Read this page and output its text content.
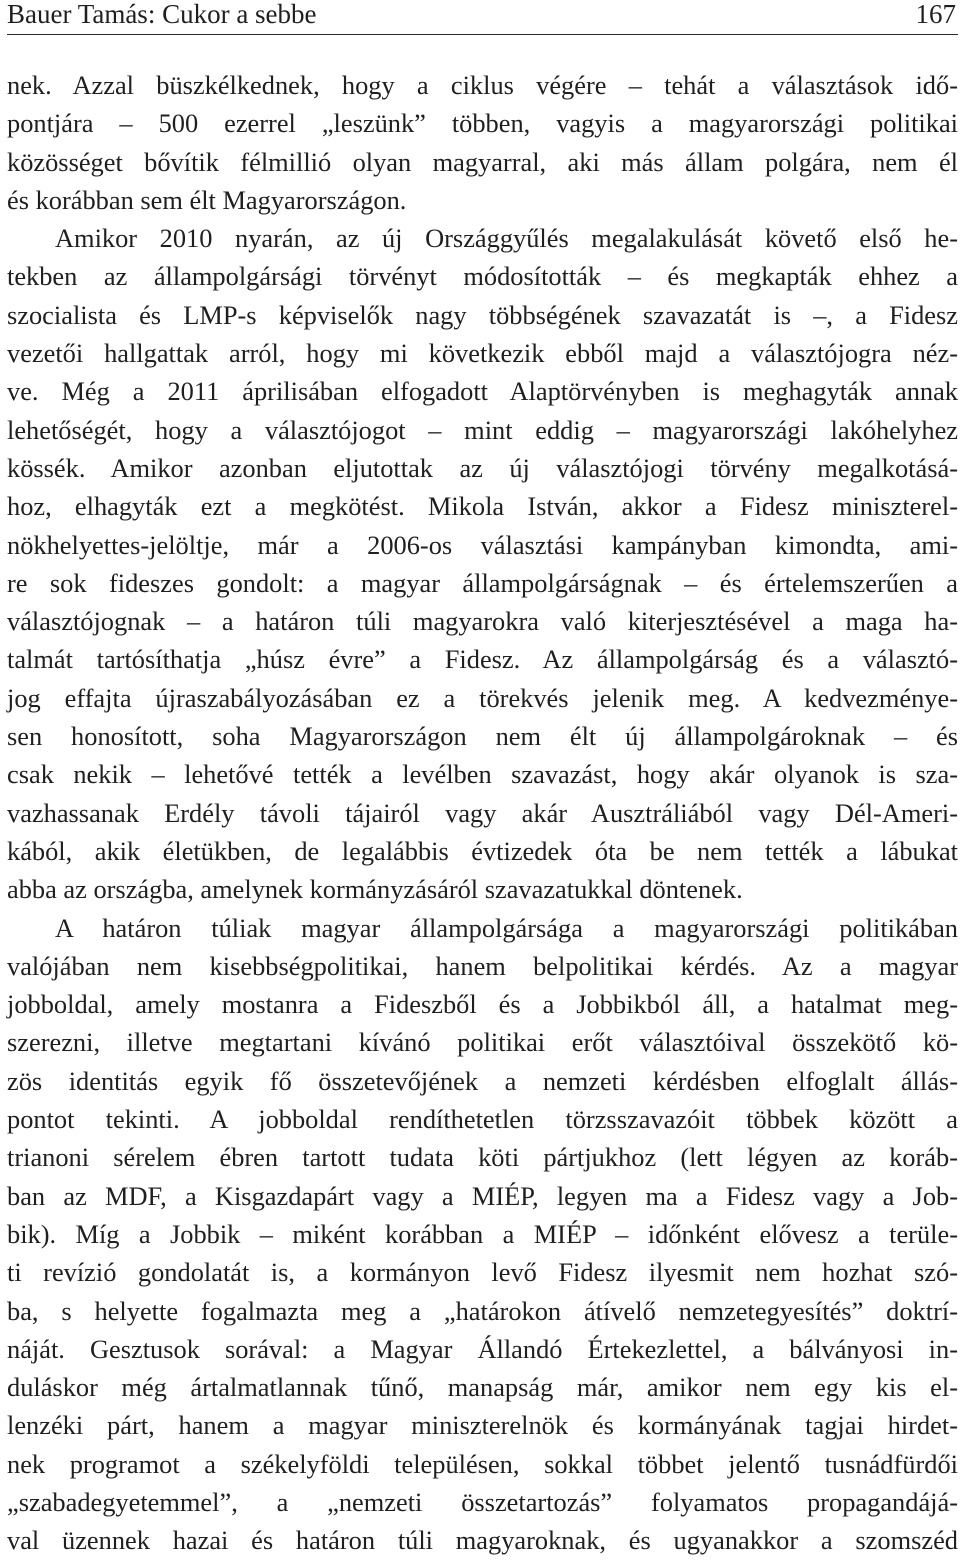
Bauer Tamás: Cukor a sebbe	167
nek. Azzal büszkélkednek, hogy a ciklus végére – tehát a választások idő-
pontjára – 500 ezerrel „leszünk” többen, vagyis a magyarországi politikai
közösséget bővítik félmillió olyan magyarral, aki más állam polgára, nem él
és korábban sem élt Magyarországon.
Amikor 2010 nyarán, az új Országgyűlés megalakulását követő első he-
tekben az állampolgársági törvényt módosították – és megkapták ehhez a
szocialista és LMP-s képviselők nagy többségének szavazatát is –, a Fidesz
vezetői hallgattak arról, hogy mi következik ebből majd a választójogra néz-
ve. Még a 2011 áprilisában elfogadott Alaptörvényben is meghagyták annak
lehetőségét, hogy a választójogot – mint eddig – magyarországi lakóhelyhez
kössék. Amikor azonban eljutottak az új választójogi törvény megalkotásá-
hoz, elhagyták ezt a megkötést. Mikola István, akkor a Fidesz miniszterel-
nökhelyettes-jelöltje, már a 2006-os választási kampányban kimondta, ami-
re sok fideszes gondolt: a magyar állampolgárságnak – és értelemszerűen a
választójognak – a határon túli magyarokra való kiterjesztésével a maga ha-
talmát tartósíthatja „húsz évre” a Fidesz. Az állampolgárság és a választó-
jog effajta újraszabályozásában ez a törekvés jelenik meg. A kedvezménye-
sen honosított, soha Magyarországon nem élt új állampolgároknak – és
csak nekik – lehetővé tették a levélben szavazást, hogy akár olyanok is sza-
vazhassanak Erdély távoli tájairól vagy akár Ausztráliából vagy Dél-Ameri-
kából, akik életükben, de legalábbis évtizedek óta be nem tették a lábukat
abba az országba, amelynek kormányzásáról szavazatukkal döntenek.
A határon túliak magyar állampolgársága a magyarországi politikában
valójában nem kisebbségpolitikai, hanem belpolitikai kérdés. Az a magyar
jobboldal, amely mostanra a Fideszből és a Jobbikból áll, a hatalmat meg-
szerezni, illetve megtartani kívánó politikai erőt választóival összekötő kö-
zös identitás egyik fő összetevőjének a nemzeti kérdésben elfoglalt állás-
pontot tekinti. A jobboldal rendíthetetlen törzsszavazóit többek között a
trianoni sérelem ébren tartott tudata köti pártjukhoz (lett légyen az koráb-
ban az MDF, a Kisgazdapárt vagy a MIÉP, legyen ma a Fidesz vagy a Job-
bik). Míg a Jobbik – miként korábban a MIÉP – időnként elővesz a terüle-
ti revízió gondolatát is, a kormányon levő Fidesz ilyesmit nem hozhat szó-
ba, s helyette fogalmazta meg a „határokon átívelő nemzetegyesítés” doktrí-
náját. Gesztusok sorával: a Magyar Állandó Értekezlettel, a bálványosi in-
duláskor még ártalmatlannak tűnő, manapság már, amikor nem egy kis el-
lenzéki párt, hanem a magyar miniszterelnök és kormányának tagjai hirdet-
nek programot a székelyföldi településen, sokkal többet jelentő tusnádfürdői
„szabadegyetemmel”, a „nemzeti összetartozás” folyamatos propagandájá-
val üzennek hazai és határon túli magyaroknak, és ugyanakkor a szomszéd
